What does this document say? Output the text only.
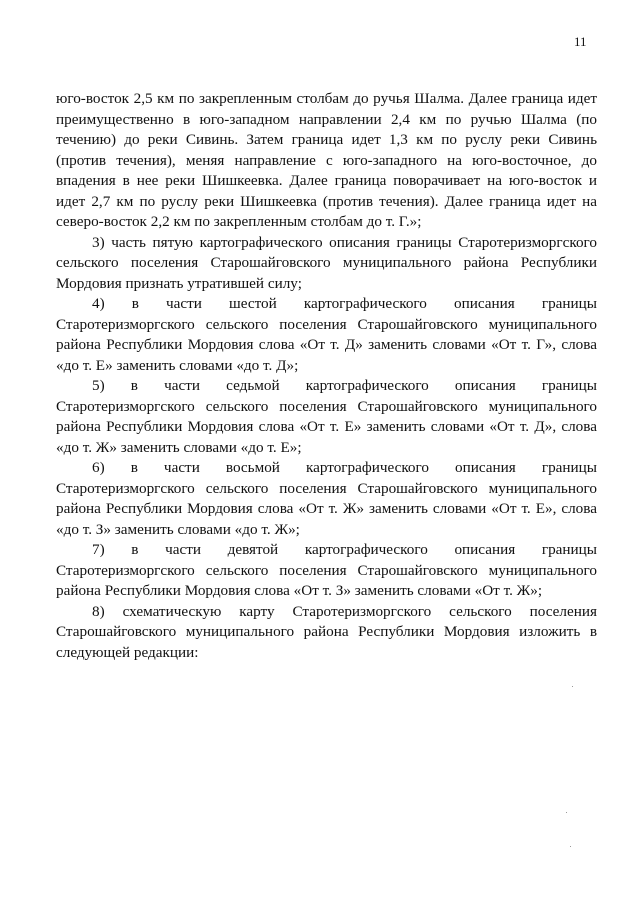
11

юго-восток 2,5 км по закрепленным столбам до ручья Шалма. Далее граница идет преимущественно в юго-западном направлении 2,4 км по ручью Шалма (по течению) до реки Сивинь. Затем граница идет 1,3 км по руслу реки Сивинь (против течения), меняя направление с юго-западного на юго-восточное, до впадения в нее реки Шишкеевка. Далее граница поворачивает на юго-восток и идет 2,7 км по руслу реки Шишкеевка (против течения). Далее граница идет на северо-восток 2,2 км по закрепленным столбам до т. Г.»;

3) часть пятую картографического описания границы Старотеризморгского сельского поселения Старошайговского муниципального района Республики Мордовия признать утратившей силу;

4) в части шестой картографического описания границы Старотеризморгского сельского поселения Старошайговского муниципального района Республики Мордовия слова «От т. Д» заменить словами «От т. Г», слова «до т. Е» заменить словами «до т. Д»;

5) в части седьмой картографического описания границы Старотеризморгского сельского поселения Старошайговского муниципального района Республики Мордовия слова «От т. Е» заменить словами «От т. Д», слова «до т. Ж» заменить словами «до т. Е»;

6) в части восьмой картографического описания границы Старотеризморгского сельского поселения Старошайговского муниципального района Республики Мордовия слова «От т. Ж» заменить словами «От т. Е», слова «до т. З» заменить словами «до т. Ж»;

7) в части девятой картографического описания границы Старотеризморгского сельского поселения Старошайговского муниципального района Республики Мордовия слова «От т. З» заменить словами «От т. Ж»;

8) схематическую карту Старотеризморгского сельского поселения Старошайговского муниципального района Республики Мордовия изложить в следующей редакции:
